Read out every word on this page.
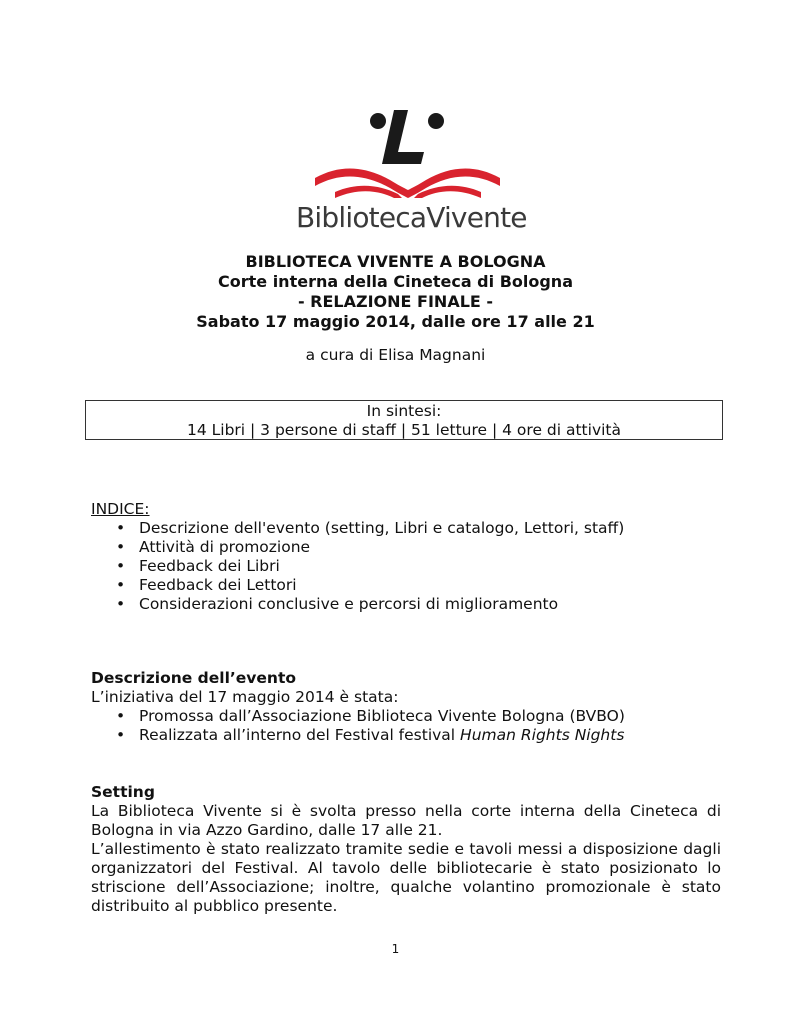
BibliotecaVivente
BIBLIOTECA VIVENTE A BOLOGNA
Corte interna della Cineteca di Bologna
- RELAZIONE FINALE -
Sabato 17 maggio 2014, dalle ore 17 alle 21
a cura di Elisa Magnani
In sintesi:
14 Libri | 3 persone di staff | 51 letture | 4 ore di attività
INDICE:
• Descrizione dell'evento (setting, Libri e catalogo, Lettori, staff)
• Attività di promozione
• Feedback dei Libri
• Feedback dei Lettori
• Considerazioni conclusive e percorsi di miglioramento
Descrizione dell’evento
L’iniziativa del 17 maggio 2014 è stata:
• Promossa dall’Associazione Biblioteca Vivente Bologna (BVBO)
• Realizzata all’interno del Festival festival Human Rights Nights
Setting

La Biblioteca Vivente si è svolta presso nella corte interna della Cineteca di Bologna in via Azzo Gardino, dalle 17 alle 21.

L’allestimento è stato realizzato tramite sedie e tavoli messi a disposizione dagli organizzatori del Festival. Al tavolo delle bibliotecarie è stato posizionato lo striscione dell’Associazione; inoltre, qualche volantino promozionale è stato distribuito al pubblico presente.

1
